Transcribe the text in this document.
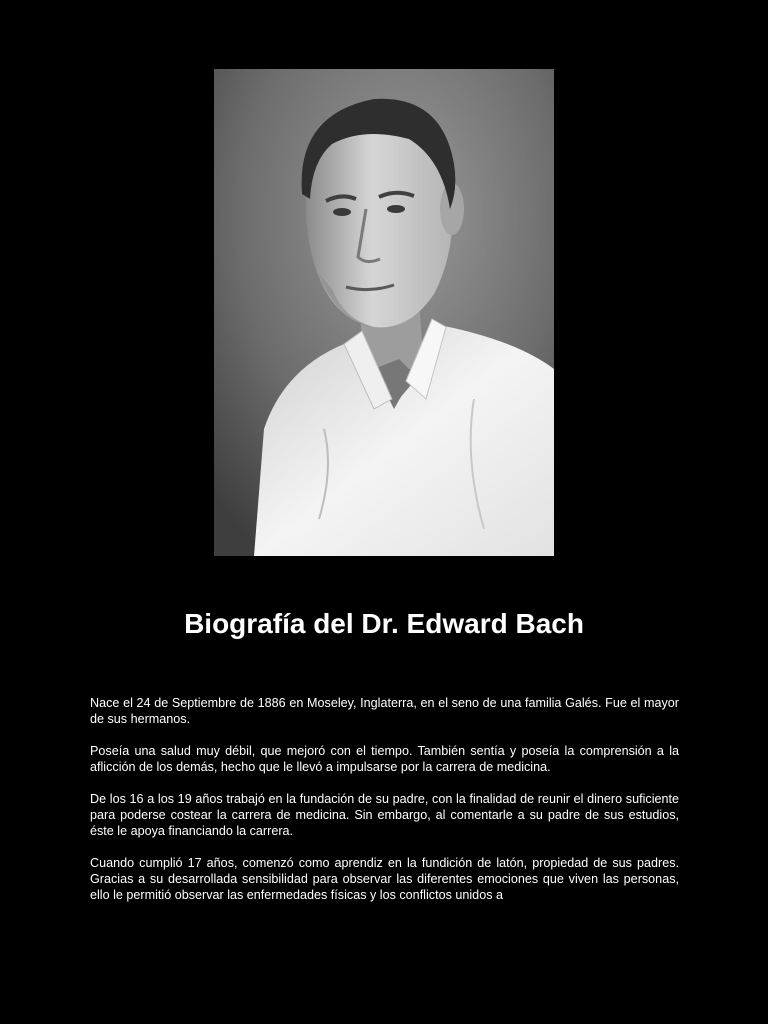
Biografía del Dr. Edward Bach

Nace el 24 de Septiembre de 1886 en Moseley, Inglaterra, en el seno de una familia Galés. Fue el mayor de sus hermanos.

Poseía una salud muy débil, que mejoró con el tiempo. También sentía y poseía la comprensión a la aflicción de los demás, hecho que le llevó a impulsarse por la carrera de medicina.

De los 16 a los 19 años trabajó en la fundación de su padre, con la finalidad de reunir el dinero suficiente para poderse costear la carrera de medicina. Sin embargo, al comentarle a su padre de sus estudios, éste le apoya financiando la carrera.

Cuando cumplió 17 años, comenzó como aprendiz en la fundición de latón, propiedad de sus padres. Gracias a su desarrollada sensibilidad para observar las diferentes emociones que viven las personas, ello le permitió observar las enfermedades físicas y los conflictos unidos a
